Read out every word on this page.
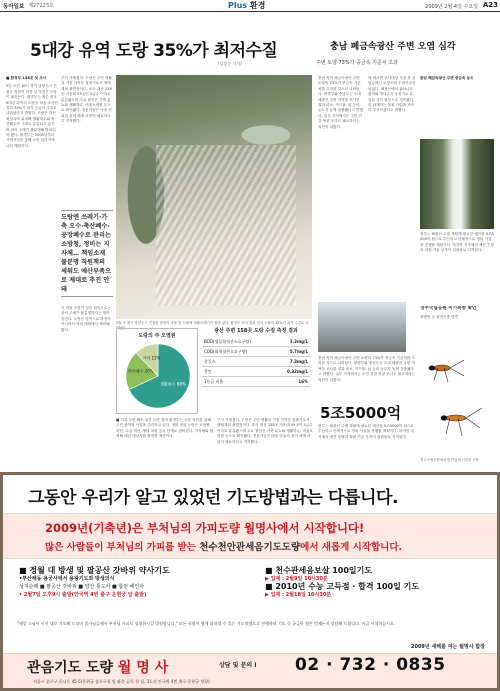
동아일보 제27223호	Plus 환경	2009년 2월 4일 수요일 A23
5대강 유역 도랑 35%가 최저수질
(김상준 기자)
■ 환경부 158곳 첫 조사
5일 오전 10시 경기 남양주시 진접읍 장현리 마을 앞 하천은 도랑이 흘러든다. 환경부는 최근 전국 5대강 유역의 도랑을 처음 조사한 결과 35%가 최저 등급의 수질로 나타났다고 밝혔다. 도랑은 하천 최상류에 위치해 생활하수와 축산폐수가 그대로 유입되고 있으며 관리 주체가 불분명해 방치되어 왔다. 환경부는 2009년부터 시범사업을 통해 도랑 살리기에 나설 계획이다.
구가 거세졌다. 도랑은 주민 생활과 가장 가까운 물줄기로서 생태계의 출발점이다. 조사 대상 158곳 가운데 55곳이 5급수 이하로 분류됐으며 주요 원인은 가축 분뇨와 생활하수, 비점오염원 등으로 확인됐다. 전문가들은 마을 단위의 관리 체계 마련이 필요하다고 지적했다.
도랑엔 쓰레기·가축 오수·축산폐수·공장폐수로 관리는 소방청, 정비는 지자체… 책임소재 불분명 직원책의 세워도 예산부족으로 제대로 추진 안돼
이 처럼 오염이 심한 원인으로는 관리 주체가 불분명하다는 점이 꼽힌다. 도랑은 법적으로 하천이 아니어서 정비 계획에서 제외돼 왔다.
2월 초 경기 남양주시 진접읍 장현리 마을 앞 도랑에 생활쓰레기가 쌓여 있다. 환경부 조사 결과 전국 도랑의 35%가 최저 수질로 나타났다.
도랑의 주 오염원
생활하수 68%
축산폐수 20%
기타 12%
광산 주변 158곳 도랑 수질 측정 결과
BOD(생물학적산소요구량)	3.3mg/L
COD(화학적산소요구량)	5.7mg/L
총질소	7.3mg/L
총인	0.32mg/L
1등급 비율	16%
■ 하류 오염 해소 위한 도랑 정비 환경부는 도랑 정비를 위해 주민 참여형 사업을 추진하고 있다. 정비 대상 도랑은 오염원 차단, 수질 개선, 생태 복원 등의 단계로 정비된다. 지자체와 협력해 매년 대상지를 확대할 예정이다.
구가 거세졌다. 도랑은 주민 생활과 가장 가까운 물줄기로서 생태계의 출발점이다. 조사 대상 158곳 가운데 55곳이 5급수 이하로 분류됐으며 주요 원인은 가축 분뇨와 생활하수, 비점오염원 등으로 확인됐다. 전문가들은 마을 단위의 관리 체계 마련이 필요하다고 지적했다.
충남 폐금속광산 주변 오염 심각
주변 토양 73%가 중금속 기준치 초과
충남 지역 폐금속광산 주변 토양의 73%가 중금속 기준치를 초과한 것으로 나타났다. 환경부와 충남도는 도내 폐광산 주변 지역을 조사한 결과 비소, 카드뮴, 납 등의 농도가 높게 검출됐다고 밝혔다. 일부 지역에서는 주민 건강 영향 조사도 필요하다는 의견이 나왔다.
에 따르면 조사대상 지점 중 상당수에서 토양오염 우려기준을 넘었다. 폐광산에서 흘러나온 광미와 갱내수가 농경지로 유입된 것이 원인으로 지목됐다.
한 관계자는 복원 사업을 조속히 추진하겠다고 밝혔다.
충남 폐금속광산 주변 중금속 농도
정부는 폐광산 주변 복원에 필요한 예산을 5조5000억 원으로 추산하고 단계적으로 정화 사업을 진행할 계획이다. 하지만 지자체의 예산 부담과 복원 기술 부족이 걸림돌로 지적된다.
충남 지역 폐금속광산 주변 토양의 73%가 중금속 기준치를 초과한 것으로 나타났다. 환경부와 충남도는 도내 폐광산 주변 지역을 조사한 결과 비소, 카드뮴, 납 등의 농도가 높게 검출됐다고 밝혔다. 일부 지역에서는 주민 건강 영향 조사도 필요하다는 의견이 나왔다.
5조5000억
정부는 폐광산 주변 복원에 필요한 예산을 5조5000억 원으로 추산하고 단계적으로 정화 사업을 진행할 계획이다. 하지만 지자체의 예산 부담과 복원 기술 부족이 걸림돌로 지적된다.
경주국립공원 미기록종 확인
장방벌 등 희귀곤충 발견
경주국립공원에서 발견된 미기록종 곤충
그동안 우리가 알고 있었던 기도방법과는 다릅니다.
2009년(기축년)은 부처님의 가피도량 월명사에서 시작합니다!
많은 사람들이 부처님의 가피를 받는 천수천안관세음기도도량에서 새롭게 시작합니다.
■ 정월 대 방생 및 팔공산 갓바위 약사기도
•부산해동 용궁사에서 용왕기도와 방생의식
성지순례 ■ 팔공산 갓바위 ■ 양산 통도사 ■ 합천 해인사
• 2월7일 오후9시 출발(안국역 4번 출구 운현궁 앞 출발)
■ 천수관세음보살 100일기도
▶ 입재 : 2월9일 10시30분
■ 2010년 수능 고득점 · 합격 100일 기도
▶ 입재 : 2월18일 10시30분
"매일 스님이 사진 대로 기도해 드리며 불자님들께서 부처님 가피로 성취하시길 발원합니다." 모든 사람이 쉽게 따라할 수 있는 기도방법으로 진행하며 기도 중 궁금한 점은 언제든지 상담해 드립니다. 지금 시작하십시오.
2009년 새해를 여는 월명사 합장
관음기도 도량 월 명 사	상담 및 문의 I 02 · 732 · 0835
서울시 종로구 운니동 45-5(운현궁 종로구청 옆 좌측 골목 첫 집, 3호선 안국역 4번 출구 운현궁 방향)
